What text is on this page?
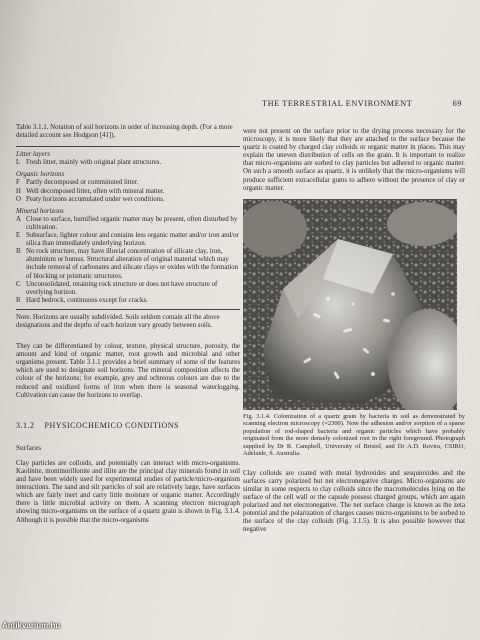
THE TERRESTRIAL ENVIRONMENT	69
Table 3.1.1. Notation of soil horizons in order of increasing depth. (For a more detailed account see Hodgson [41]).
Litter layers
L Fresh litter, mainly with original plant structures.
Organic horizons
F Partly decomposed or comminuted litter.
H Well decomposed litter, often with mineral matter.
O Peaty horizons accumulated under wet conditions.
Mineral horizons
A Close to surface, humified organic matter may be present, often disturbed by cultivation.
E Subsurface, lighter colour and contains less organic matter and/or iron and/or silica than immediately underlying horizon.
B No rock structure, may have illuvial concentration of silicate clay, iron, aluminium or humus. Structural alteration of original material which may include removal of carbonates and silicate clays or oxides with the formation of blocking or prismatic structures.
C Unconsolidated, retaining rock structure or does not have structure of overlying horizon.
R Hard bedrock, continuous except for cracks.
Note. Horizons are usually subdivided. Soils seldom contain all the above designations and the depths of each horizon vary greatly between soils.

They can be differentiated by colour, texture, physical structure, porosity, the amount and kind of organic matter, root growth and microbial and other organisms present. Table 3.1.1 provides a brief summary of some of the features which are used to designate soil horizons. The mineral composition affects the colour of the horizons; for example, grey and ochreous colours are due to the reduced and oxidized forms of iron when there is seasonal waterlogging. Cultivation can cause the horizons to overlap.

3.1.2 PHYSICOCHEMICO CONDITIONS
Surfaces

Clay particles are colloids, and potentially can interact with micro-organisms. Kaolinite, montmorillonite and illite are the principal clay minerals found in soil and have been widely used for experimental studies of particle/micro-organism interactions. The sand and silt particles of soil are relatively large, have surfaces which are fairly inert and carry little moisture or organic matter. Accordingly there is little microbial activity on them. A scanning electron micrograph showing micro-organisms on the surface of a quartz grain is shown in Fig. 3.1.4. Although it is possible that the micro-organisms

were not present on the surface prior to the drying process necessary for the microscopy, it is more likely that they are attached to the surface because the quartz is coated by charged clay colloids or organic matter in places. This may explain the uneven distribution of cells on the grain. It is important to realize that micro-organisms are sorbed to clay particles but adhered to organic matter. On such a smooth surface as quartz, it is unlikely that the micro-organisms will produce sufficient extracellular gums to adhere without the presence of clay or organic matter.

Fig. 3.1.4. Colonization of a quartz grain by bacteria in soil as demonstrated by scanning electron microscopy (×2300). Note the adhesion and/or sorption of a sparse population of rod-shaped bacteria and organic particles which have probably originated from the more densely colonized root in the right foreground. Photograph supplied by Dr R. Campbell, University of Bristol, and Dr A.D. Rovira, CSIRO, Adelaide, S. Australia.

Clay colloids are coated with metal hydroxides and sesquioxides and the surfaces carry polarized but net electronegative charges. Micro-organisms are similar in some respects to clay colloids since the macromolecules lying on the surface of the cell wall or the capsule possess charged groups, which are again polarized and net electronegative. The net surface charge is known as the zeta potential and the polarization of charges causes micro-organisms to be sorbed to the surface of the clay colloids (Fig. 3.1.5). It is also possible however that negative

Antikvarium.hu
